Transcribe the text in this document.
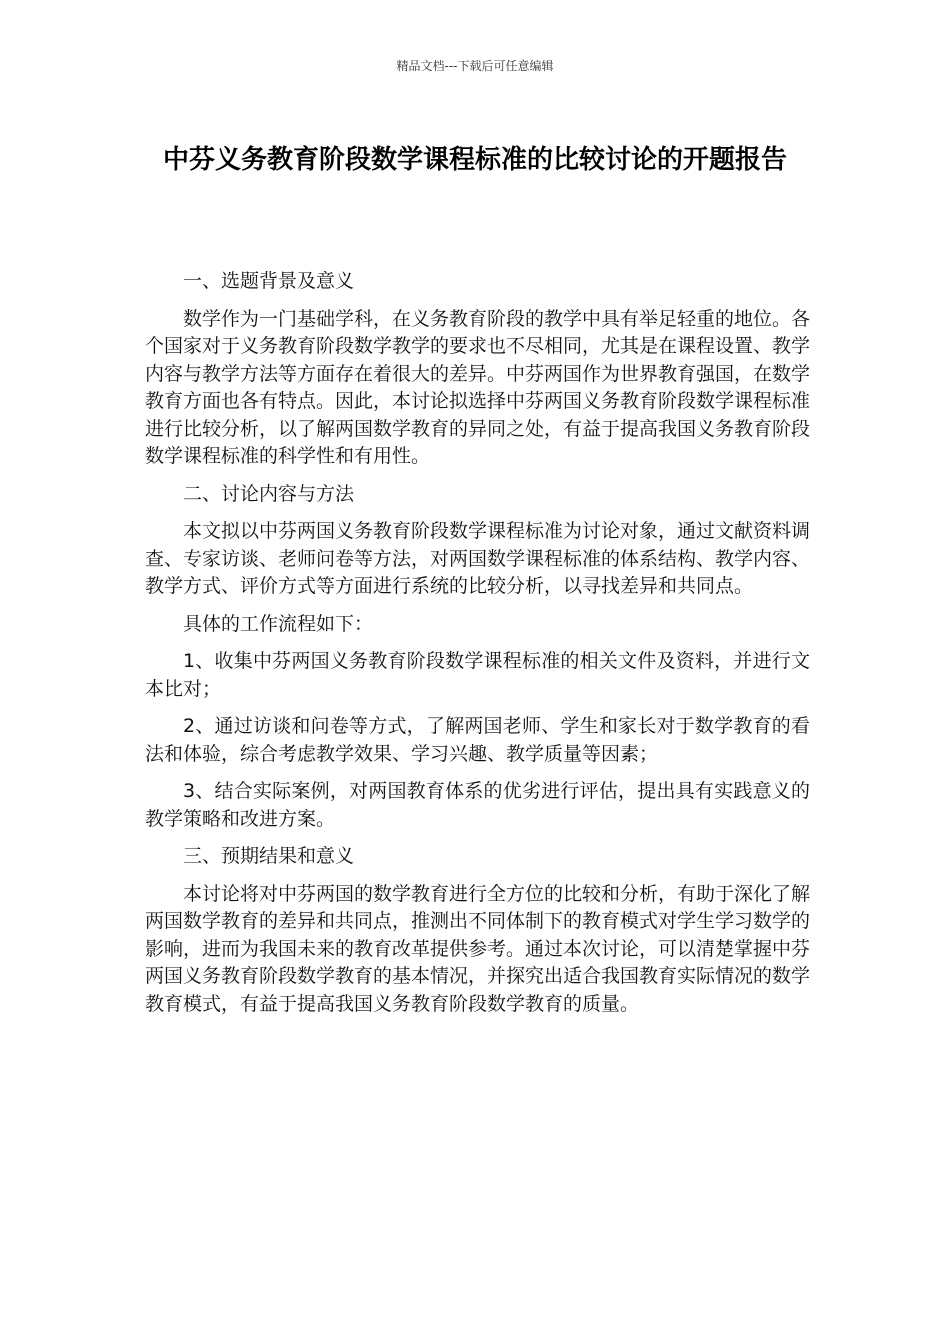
精品文档---下载后可任意编辑
中芬义务教育阶段数学课程标准的比较讨论的开题报告
一、选题背景及意义
数学作为一门基础学科，在义务教育阶段的教学中具有举足轻重的地位。各个国家对于义务教育阶段数学教学的要求也不尽相同，尤其是在课程设置、教学内容与教学方法等方面存在着很大的差异。中芬两国作为世界教育强国，在数学教育方面也各有特点。因此，本讨论拟选择中芬两国义务教育阶段数学课程标准进行比较分析，以了解两国数学教育的异同之处，有益于提高我国义务教育阶段数学课程标准的科学性和有用性。
二、讨论内容与方法
本文拟以中芬两国义务教育阶段数学课程标准为讨论对象，通过文献资料调查、专家访谈、老师问卷等方法，对两国数学课程标准的体系结构、教学内容、教学方式、评价方式等方面进行系统的比较分析，以寻找差异和共同点。
具体的工作流程如下：
1、收集中芬两国义务教育阶段数学课程标准的相关文件及资料，并进行文本比对；
2、通过访谈和问卷等方式，了解两国老师、学生和家长对于数学教育的看法和体验，综合考虑教学效果、学习兴趣、教学质量等因素；
3、结合实际案例，对两国教育体系的优劣进行评估，提出具有实践意义的教学策略和改进方案。
三、预期结果和意义
本讨论将对中芬两国的数学教育进行全方位的比较和分析，有助于深化了解两国数学教育的差异和共同点，推测出不同体制下的教育模式对学生学习数学的影响，进而为我国未来的教育改革提供参考。通过本次讨论，可以清楚掌握中芬两国义务教育阶段数学教育的基本情况，并探究出适合我国教育实际情况的数学教育模式，有益于提高我国义务教育阶段数学教育的质量。
